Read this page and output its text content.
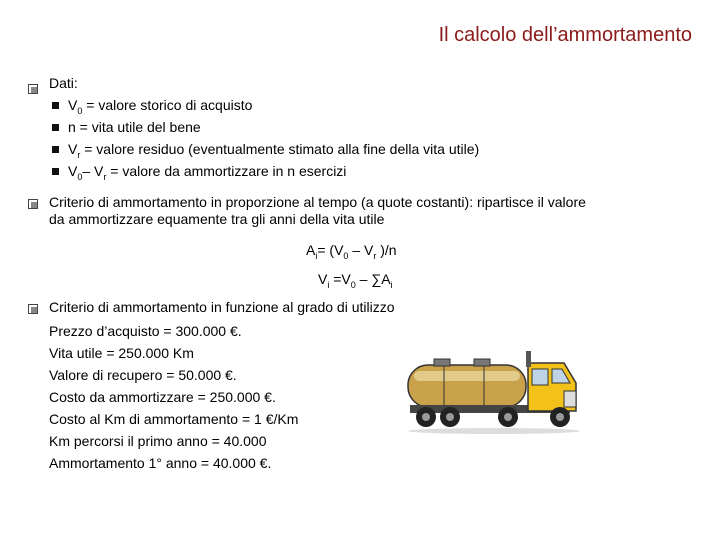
Il calcolo dell’ammortamento
Dati:
$V_0$ = valore storico di acquisto
n = vita utile del bene
$V_r$ = valore residuo (eventualmente stimato alla fine della vita utile)
$V_0-$ $V_r$ = valore da ammortizzare in n esercizi
Criterio di ammortamento in proporzione al tempo (a quote costanti): ripartisce il valore
da ammortizzare equamente tra gli anni della vita utile
$A_i= (V_0 - V_r$ )/n
$V_i =V_0 - \sum A_i$
Criterio di ammortamento in funzione al grado di utilizzo
Prezzo d’acquisto = 300.000 €.
Vita utile = 250.000 Km
Valore di recupero = 50.000 €.
Costo da ammortizzare = 250.000 €.
Costo al Km di ammortamento = 1 €/Km
Km percorsi il primo anno = 40.000
Ammortamento 1° anno = 40.000 €.
